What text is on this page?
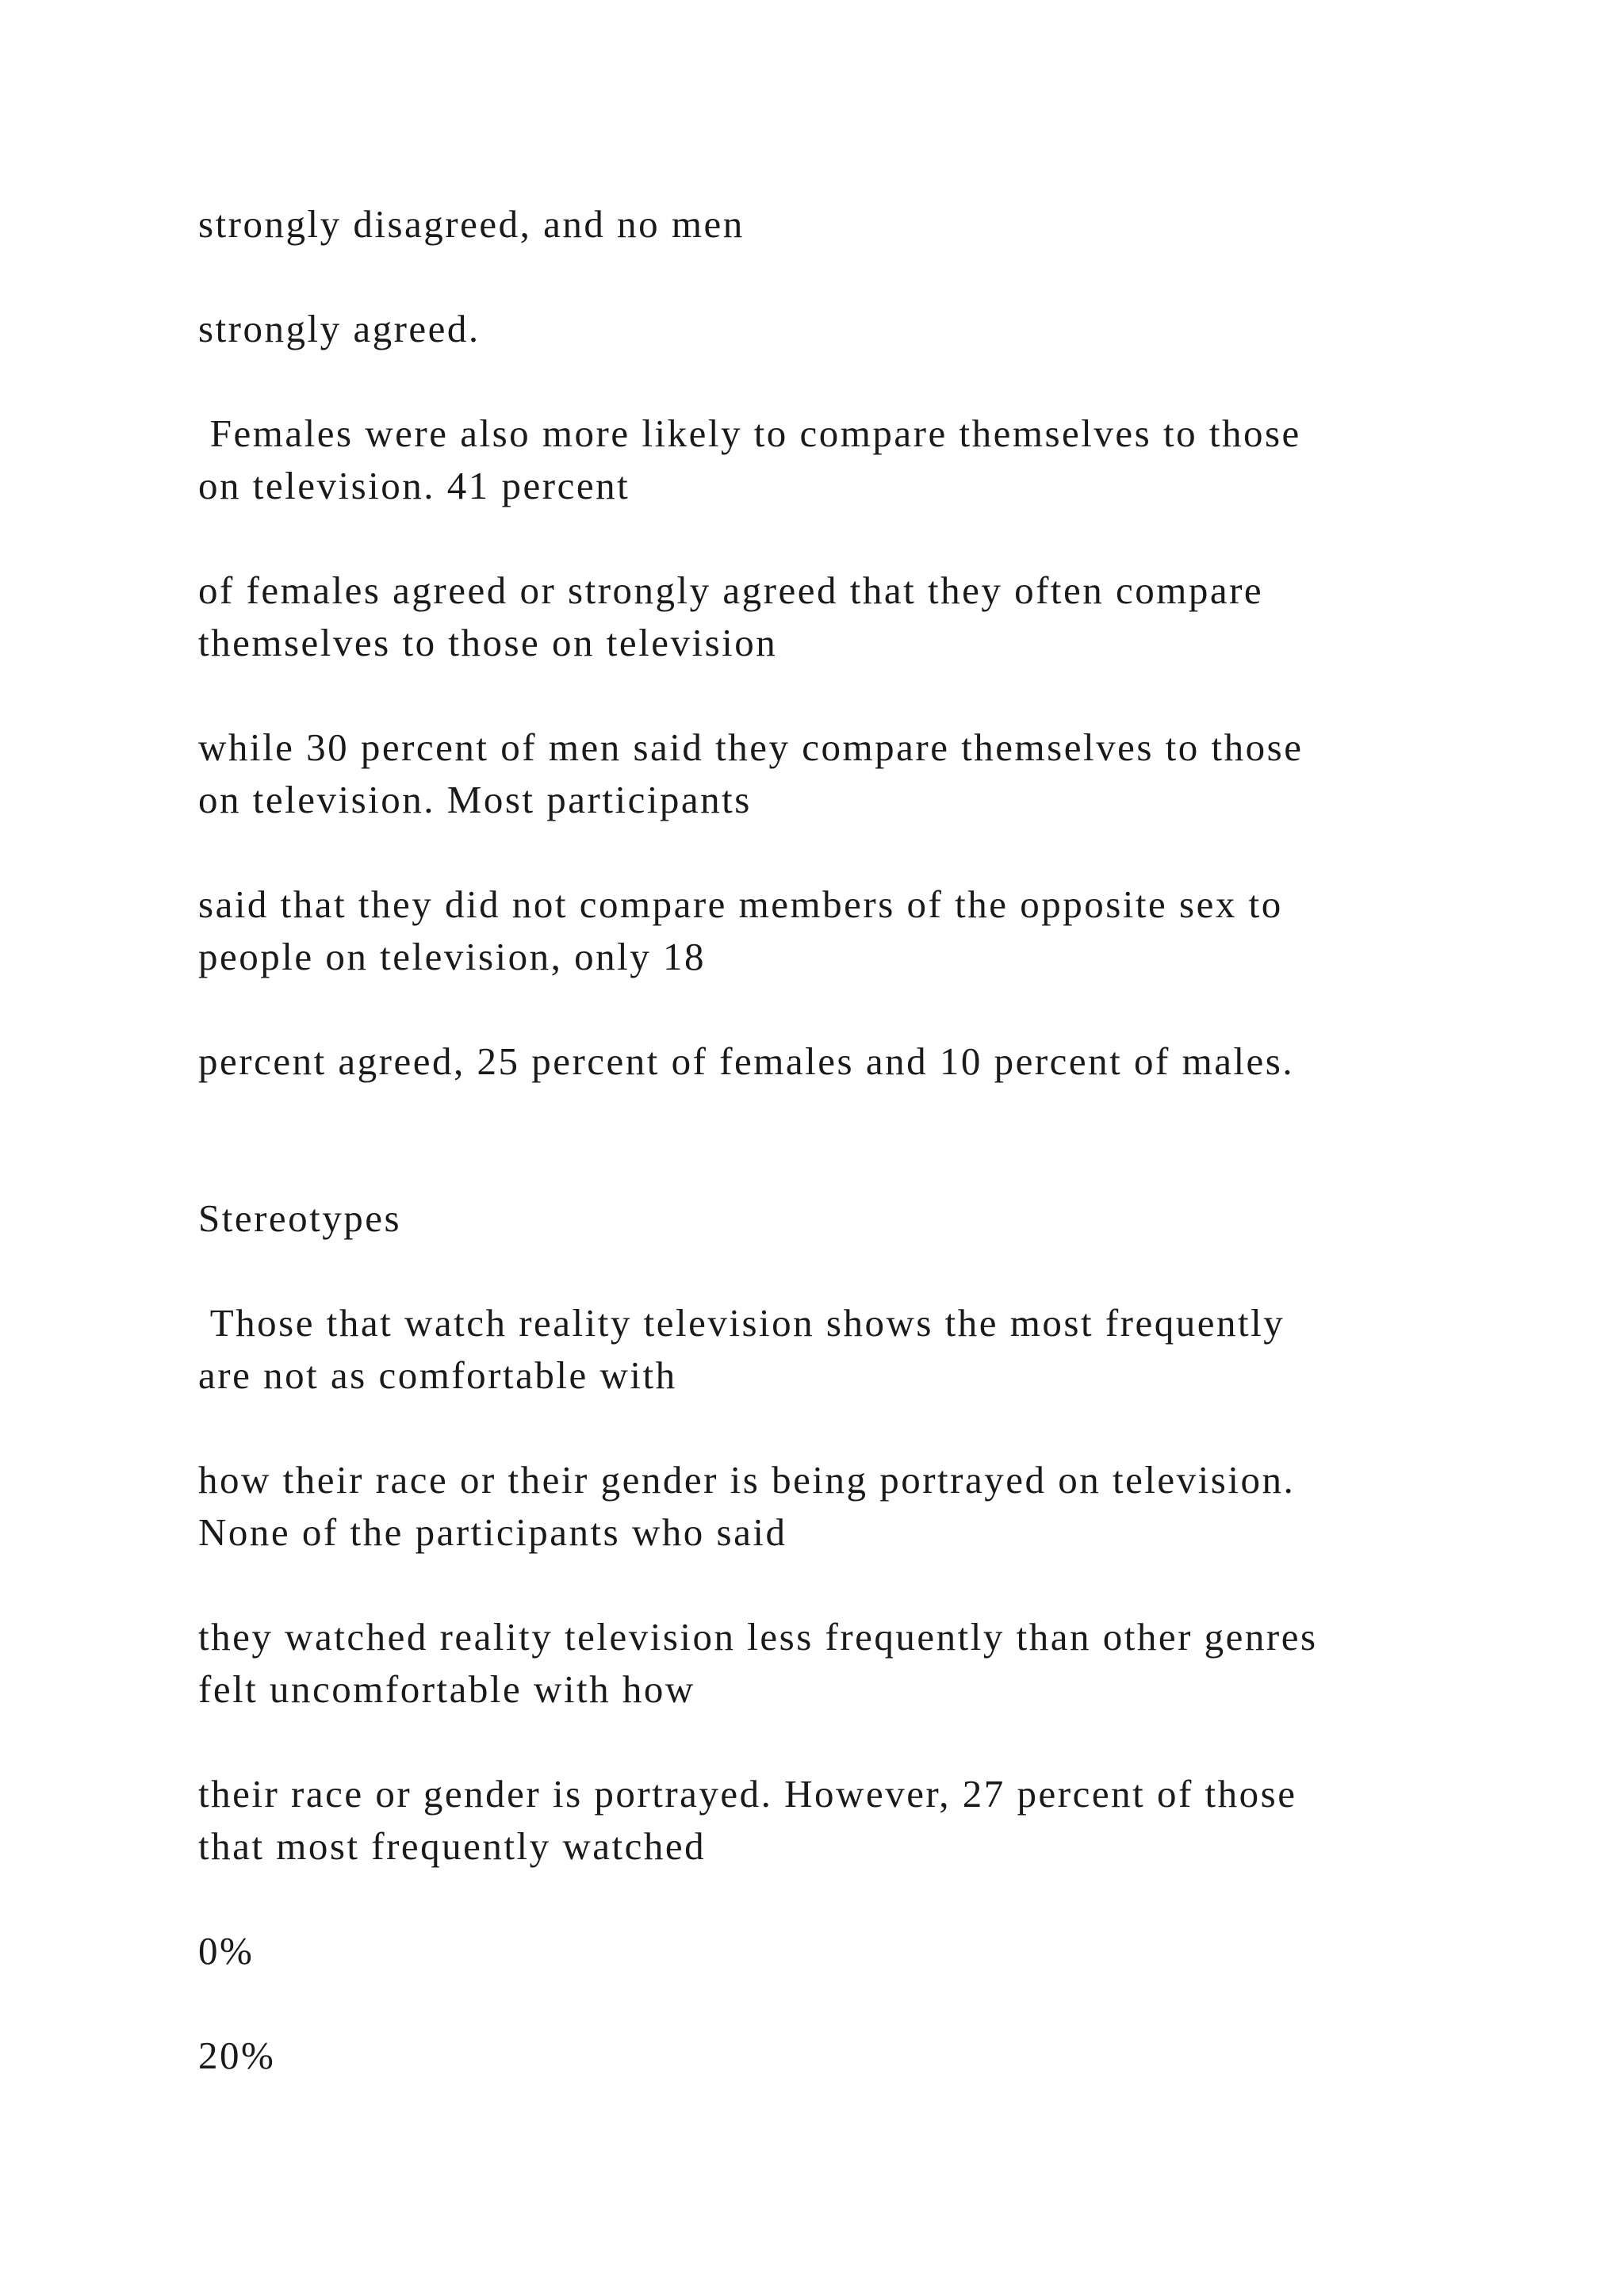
strongly disagreed, and no men

strongly agreed.

Females were also more likely to compare themselves to those
on television. 41 percent

of females agreed or strongly agreed that they often compare
themselves to those on television

while 30 percent of men said they compare themselves to those
on television. Most participants

said that they did not compare members of the opposite sex to
people on television, only 18

percent agreed, 25 percent of females and 10 percent of males.

Stereotypes

Those that watch reality television shows the most frequently
are not as comfortable with

how their race or their gender is being portrayed on television.
None of the participants who said

they watched reality television less frequently than other genres
felt uncomfortable with how

their race or gender is portrayed. However, 27 percent of those
that most frequently watched

0%

20%
